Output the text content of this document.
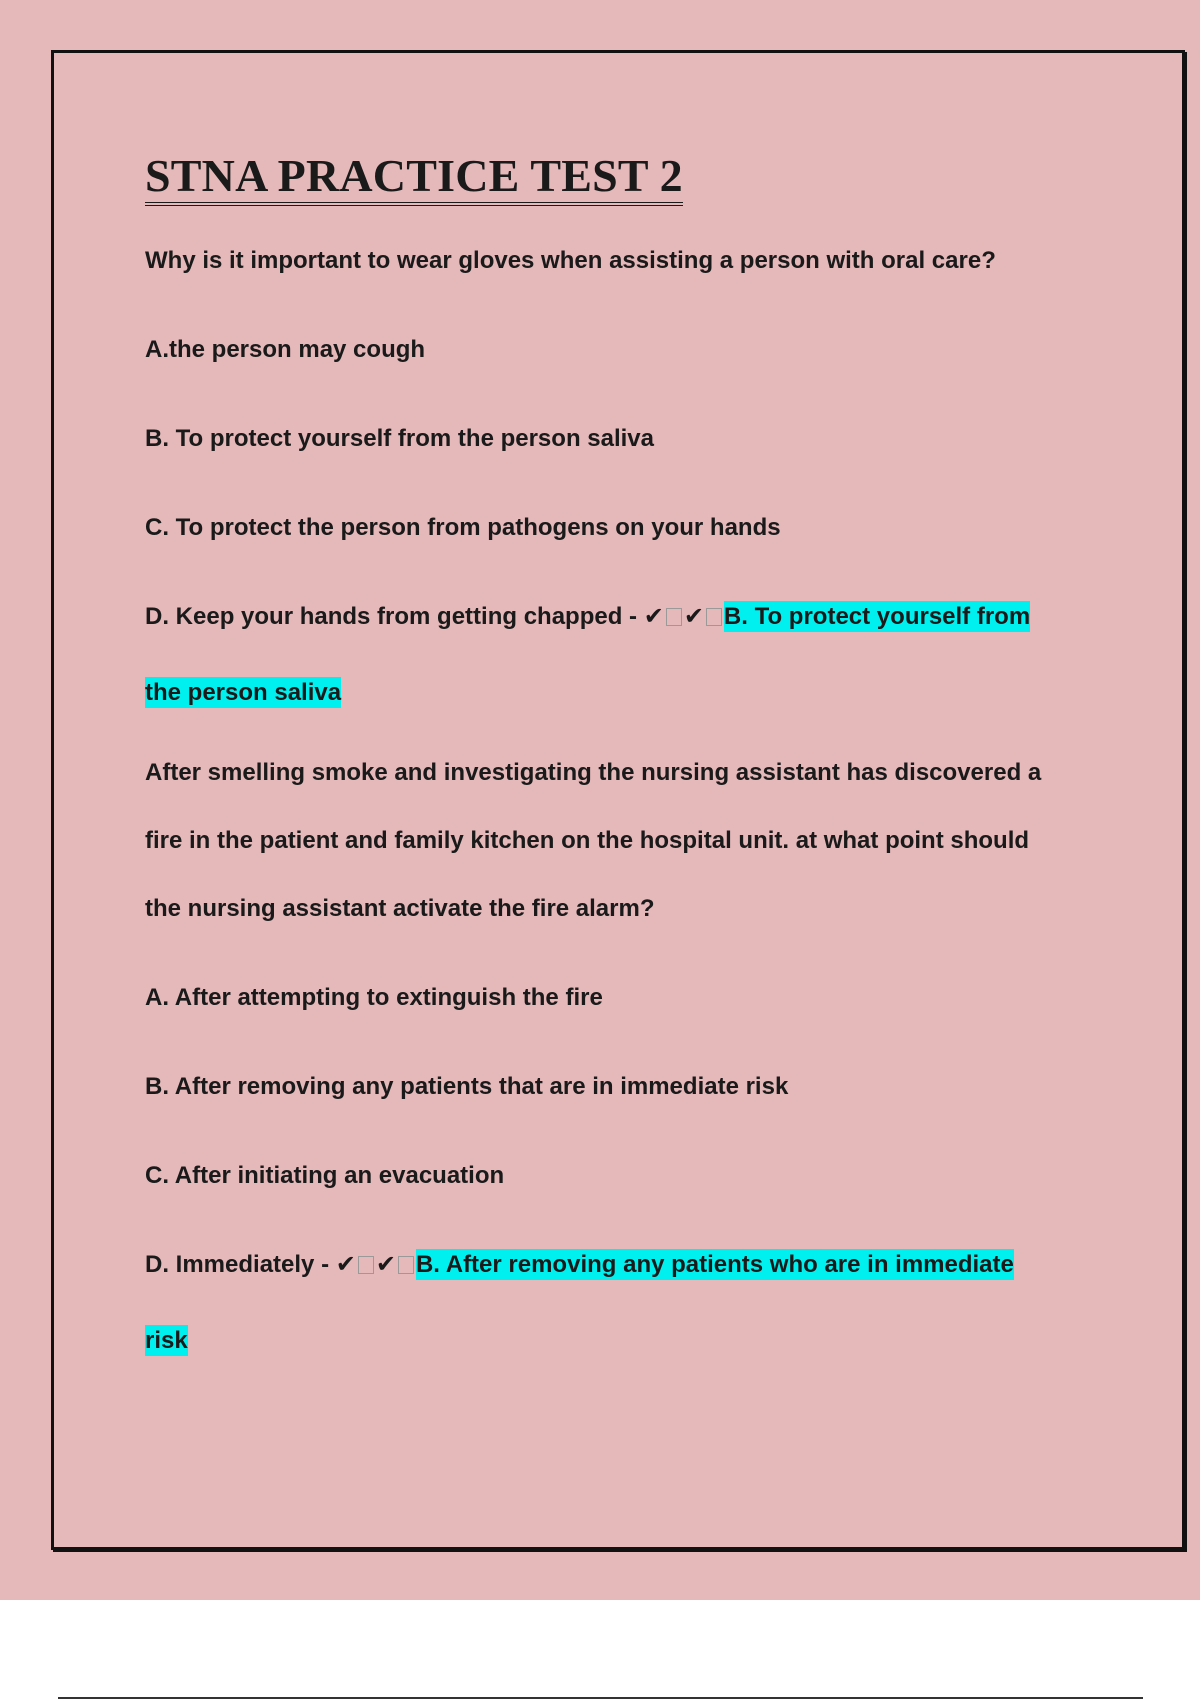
STNA PRACTICE TEST 2

Why is it important to wear gloves when assisting a person with oral care?

A.the person may cough

B. To protect yourself from the person saliva

C. To protect the person from pathogens on your hands

D. Keep your hands from getting chapped - ✔ ✔ B. To protect yourself from

the person saliva

After smelling smoke and investigating the nursing assistant has discovered a

fire in the patient and family kitchen on the hospital unit. at what point should

the nursing assistant activate the fire alarm?

A. After attempting to extinguish the fire

B. After removing any patients that are in immediate risk

C. After initiating an evacuation

D. Immediately - ✔ ✔ B. After removing any patients who are in immediate

risk
